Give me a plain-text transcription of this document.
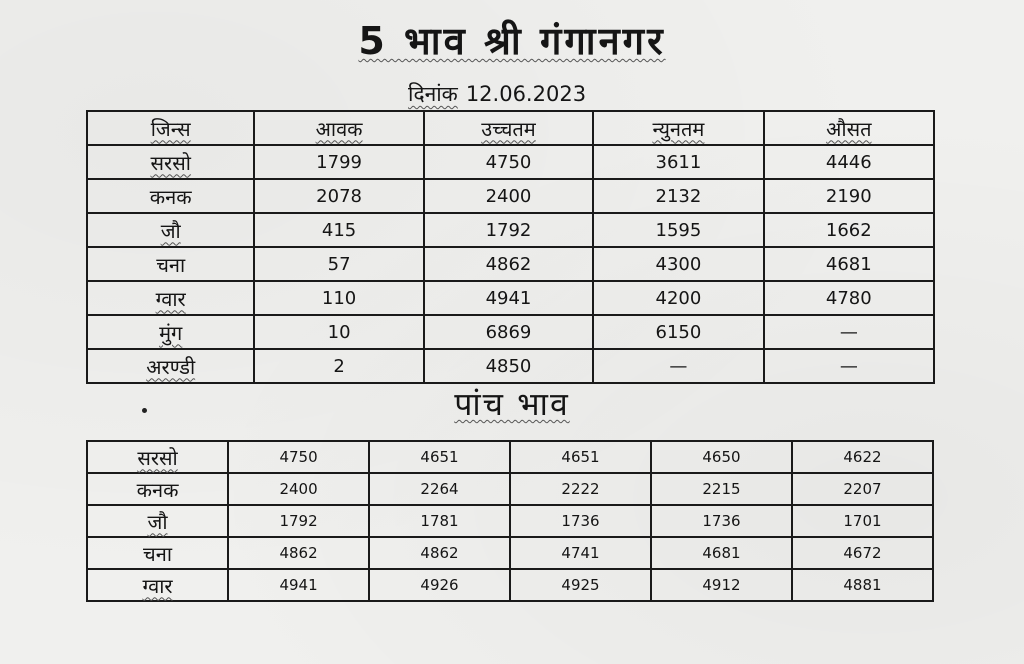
5 भाव श्री गंगानगर
दिनांक 12.06.2023
जिन्स	आवक	उच्चतम	न्युनतम	औसत
सरसो	1799	4750	3611	4446
कनक	2078	2400	2132	2190
जौ	415	1792	1595	1662
चना	57	4862	4300	4681
ग्वार	110	4941	4200	4780
मुंग	10	6869	6150	—
अरण्डी	2	4850	—	—
पांच भाव
सरसो	4750	4651	4651	4650	4622
कनक	2400	2264	2222	2215	2207
जौ	1792	1781	1736	1736	1701
चना	4862	4862	4741	4681	4672
ग्वार	4941	4926	4925	4912	4881
